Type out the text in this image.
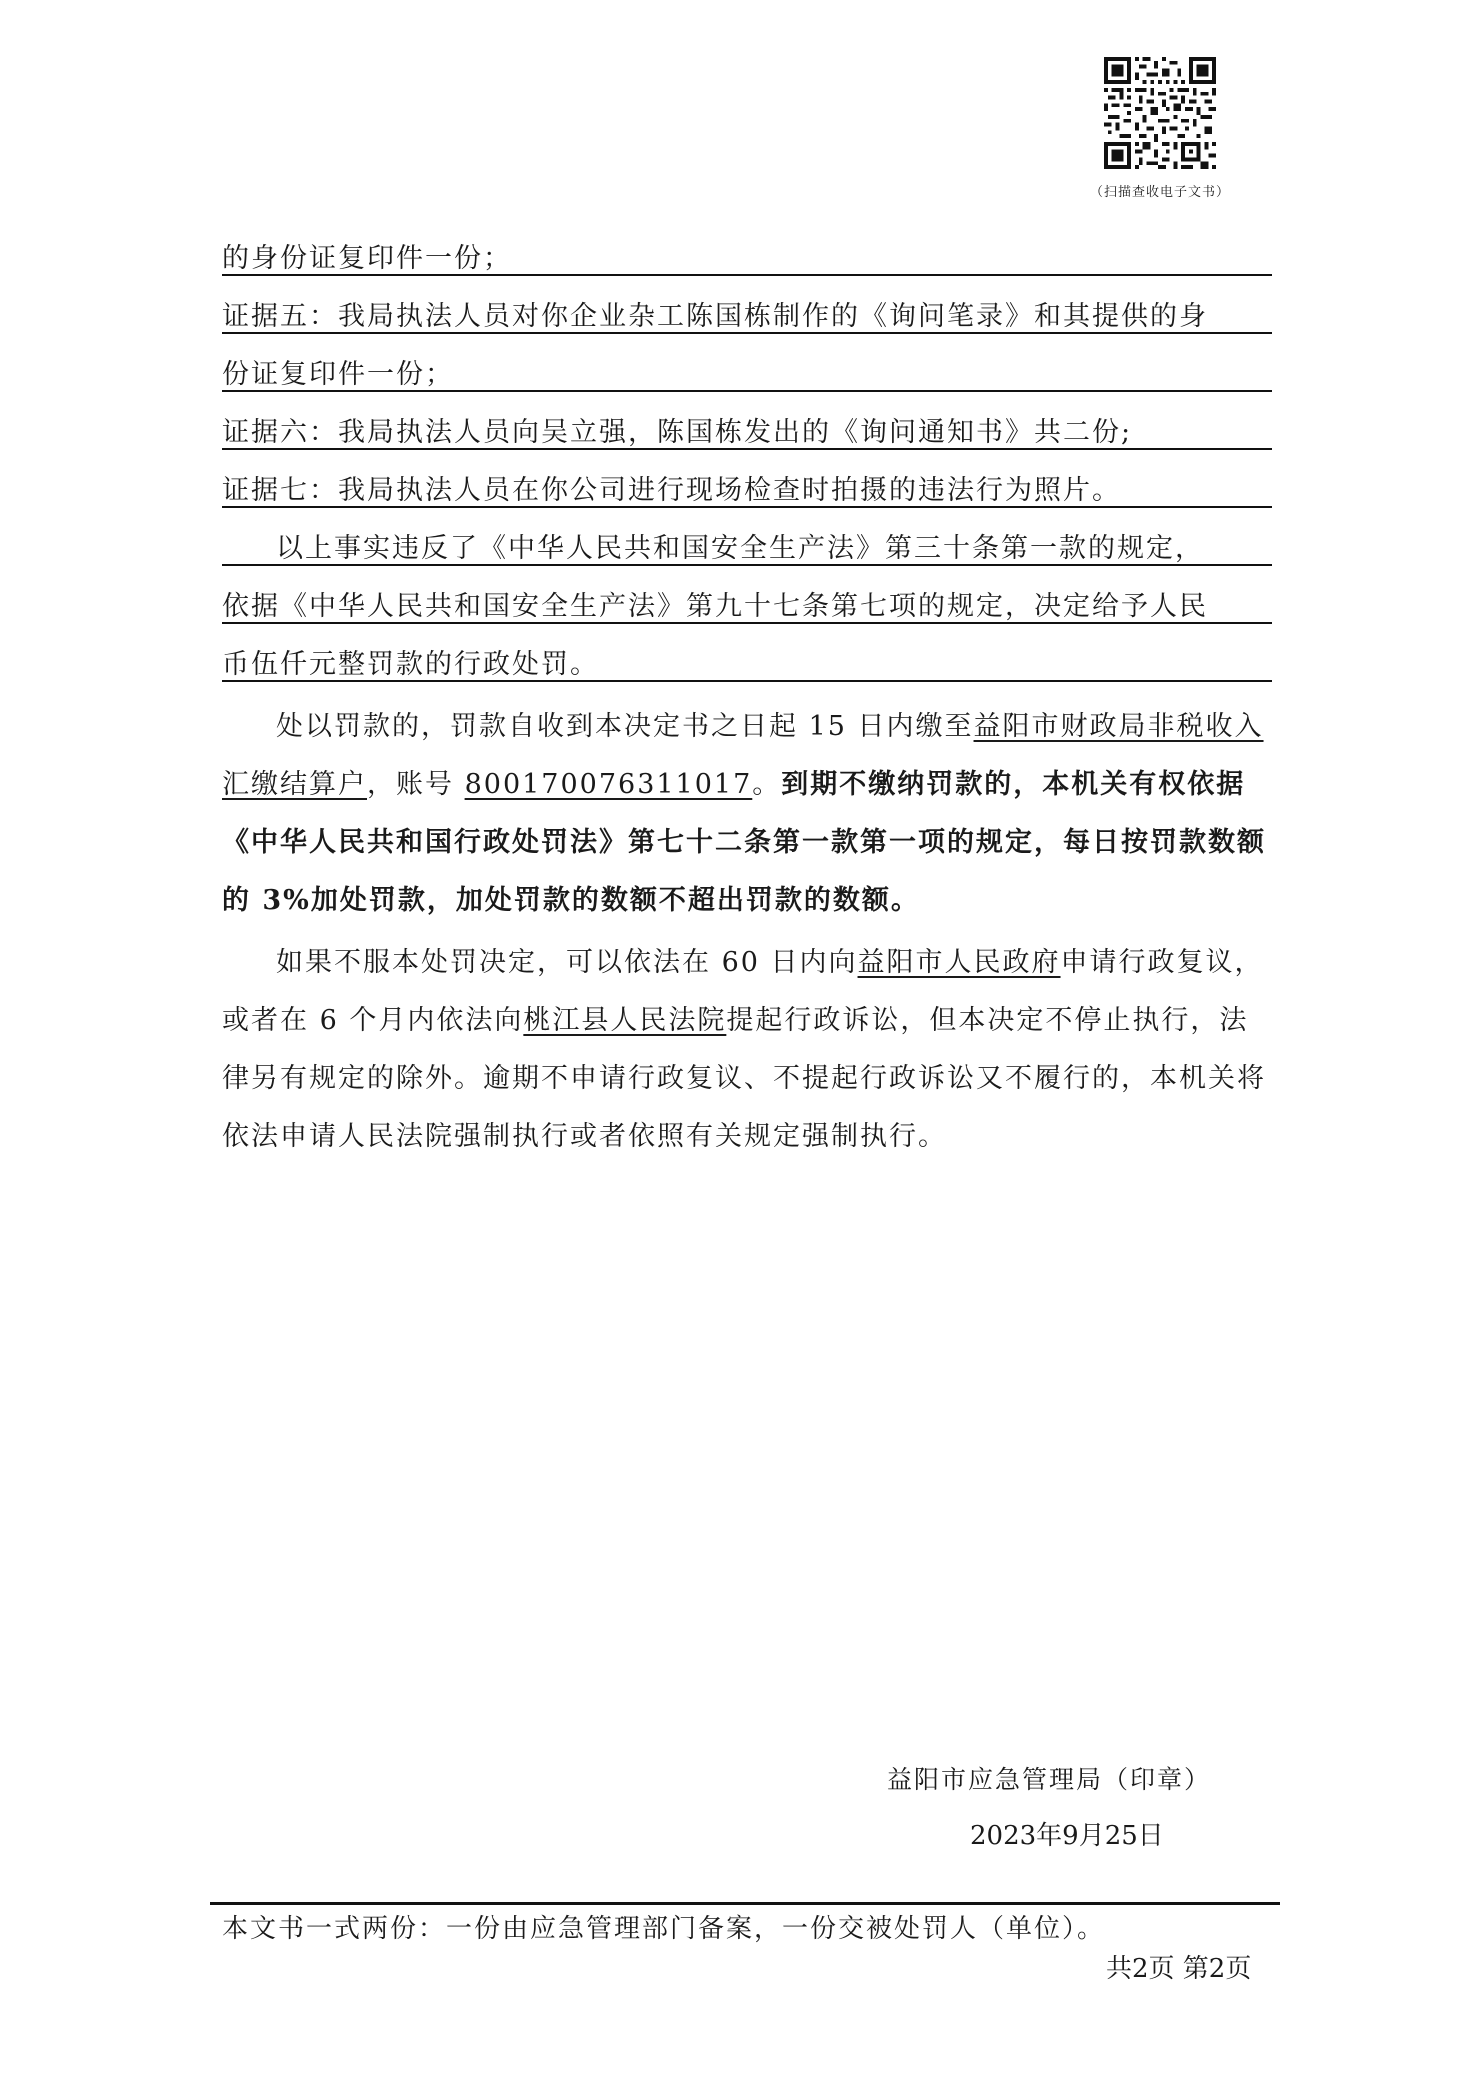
（扫描查收电子文书）
的身份证复印件一份；
证据五：我局执法人员对你企业杂工陈国栋制作的《询问笔录》和其提供的身
份证复印件一份；
证据六：我局执法人员向吴立强，陈国栋发出的《询问通知书》共二份;
证据七：我局执法人员在你公司进行现场检查时拍摄的违法行为照片。
以上事实违反了《中华人民共和国安全生产法》第三十条第一款的规定，
依据《中华人民共和国安全生产法》第九十七条第七项的规定，决定给予人民
币伍仟元整罚款的行政处罚。

处以罚款的，罚款自收到本决定书之日起 15 日内缴至益阳市财政局非税收入汇缴结算户，账号 800170076311017。到期不缴纳罚款的，本机关有权依据《中华人民共和国行政处罚法》第七十二条第一款第一项的规定，每日按罚款数额的 3%加处罚款，加处罚款的数额不超出罚款的数额。

如果不服本处罚决定，可以依法在 60 日内向益阳市人民政府申请行政复议，或者在 6 个月内依法向桃江县人民法院提起行政诉讼，但本决定不停止执行，法律另有规定的除外。逾期不申请行政复议、不提起行政诉讼又不履行的，本机关将依法申请人民法院强制执行或者依照有关规定强制执行。

益阳市应急管理局（印章）
2023年9月25日
本文书一式两份：一份由应急管理部门备案，一份交被处罚人（单位）。
共2页 第2页
